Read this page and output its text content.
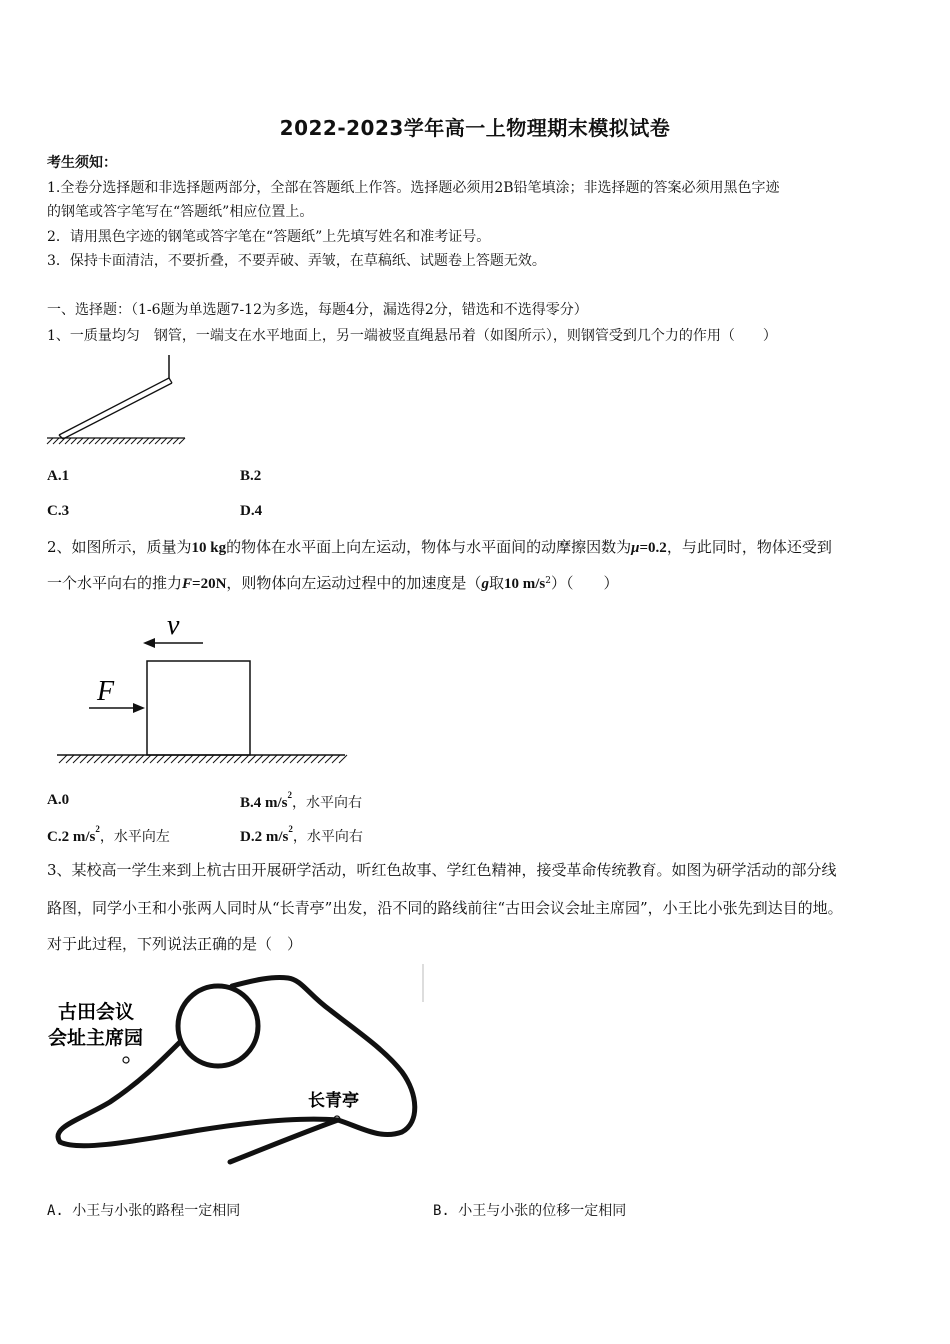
2022-2023学年高一上物理期末模拟试卷
考生须知：
1.全卷分选择题和非选择题两部分，全部在答题纸上作答。选择题必须用2B铅笔填涂；非选择题的答案必须用黑色字迹
的钢笔或答字笔写在“答题纸”相应位置上。
2．请用黑色字迹的钢笔或答字笔在“答题纸”上先填写姓名和准考证号。
3．保持卡面清洁，不要折叠，不要弄破、弄皱，在草稿纸、试题卷上答题无效。
一、选择题：（1-6题为单选题7-12为多选，每题4分，漏选得2分，错选和不选得零分）
1、一质量均匀　钢管，一端支在水平地面上，另一端被竖直绳悬吊着（如图所示），则钢管受到几个力的作用（　　）
A.1	B.2
C.3	D.4
2、如图所示，质量为10 kg的物体在水平面上向左运动，物体与水平面间的动摩擦因数为μ=0.2，与此同时，物体还受到
一个水平向右的推力F=20N，则物体向左运动过程中的加速度是（g取10 $m/s^2$）（　　）
v
F
A.0	B.4 $m/s^2$，水平向右
C.2 $m/s^2$，水平向左	D.2 $m/s^2$，水平向右
3、某校高一学生来到上杭古田开展研学活动，听红色故事、学红色精神，接受革命传统教育。如图为研学活动的部分线
路图，同学小王和小张两人同时从“长青亭”出发，沿不同的路线前往“古田会议会址主席园”，小王比小张先到达目的地。
对于此过程，下列说法正确的是（　）
古田会议
会址主席园
长青亭
A. 小王与小张的路程一定相同	B. 小王与小张的位移一定相同
